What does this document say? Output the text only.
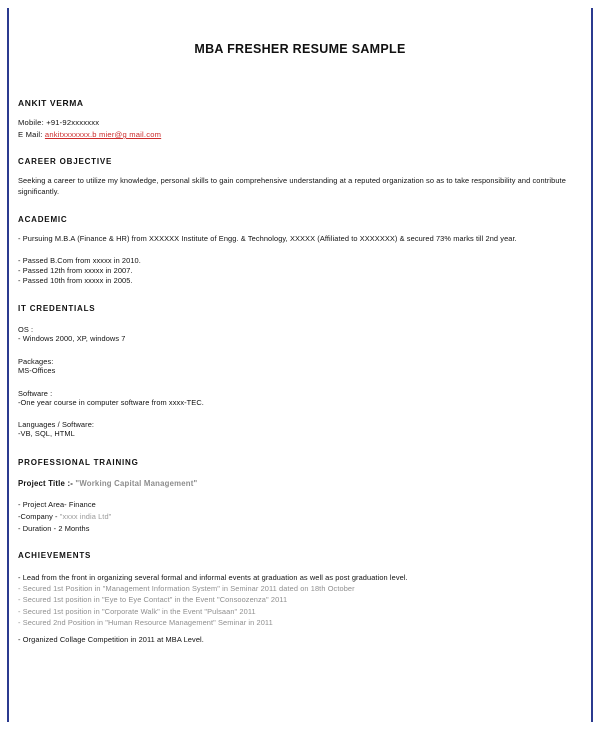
MBA FRESHER RESUME SAMPLE
ANKIT VERMA
Mobile: +91-92xxxxxxx
E Mail: ankitxxxxxxx.b mier@g mail.com
CAREER OBJECTIVE
Seeking a career to utilize my knowledge, personal skills to gain comprehensive understanding at a reputed organization so as to take responsibility and contribute significantly.
ACADEMIC
- Pursuing M.B.A (Finance & HR) from XXXXXX Institute of Engg. & Technology, XXXXX (Affiliated to XXXXXXX) & secured 73% marks till 2nd year.
- Passed B.Com from xxxxx in 2010.
- Passed 12th from xxxxx in 2007.
- Passed 10th from xxxxx in 2005.
IT CREDENTIALS
OS :
- Windows 2000, XP, windows 7
Packages:
MS-Offices
Software :
-One year course in computer software from xxxx-TEC.
Languages / Software:
-VB, SQL, HTML
PROFESSIONAL TRAINING
Project Title :- "Working Capital Management"
- Project Area- Finance
-Company - "xxxx india Ltd"
- Duration - 2 Months
ACHIEVEMENTS
- Lead from the front in organizing several formal and informal events at graduation as well as post graduation level.
- Secured 1st Position in "Management Information System" in Seminar 2011 dated on 18th October
- Secured 1st position in "Eye to Eye Contact" in the Event "Consoozenza" 2011
- Secured 1st position in "Corporate Walk" in the Event "Pulsaan" 2011
- Secured 2nd Position in "Human Resource Management" Seminar in 2011
- Organized Collage Competition in 2011 at MBA Level.
